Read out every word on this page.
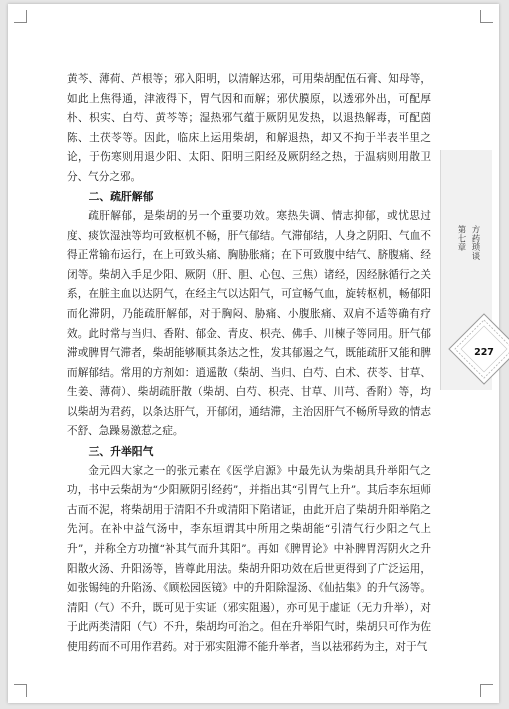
第七章 方药琐谈
227

黄芩、薄荷、芦根等；邪入阳明，以清解达邪，可用柴胡配伍石膏、知母等，如此上焦得通，津液得下，胃气因和而解；邪伏膜原，以透邪外出，可配厚朴、枳实、白芍、黄芩等；湿热邪气蕴于厥阴见发热，以退热解毒，可配茵陈、土茯苓等。因此，临床上运用柴胡，和解退热，却又不拘于半表半里之论，于伤寒则用退少阳、太阳、阳明三阳经及厥阴经之热，于温病则用散卫分、气分之邪。

二、疏肝解郁

疏肝解郁，是柴胡的另一个重要功效。寒热失调、情志抑郁，或忧思过度、痰饮湿浊等均可致枢机不畅，肝气郁结。气滞郁结，人身之阴阳、气血不得正常输布运行，在上可致头痛、胸胁胀痛；在下可致腹中结气、脐腹痛、经闭等。柴胡入手足少阳、厥阴（肝、胆、心包、三焦）诸经，因经脉循行之关系，在脏主血以达阴气，在经主气以达阳气，可宣畅气血，旋转枢机，畅郁阳而化滞阴，乃能疏肝解郁，对于胸闷、胁痛、小腹胀痛、双肩不适等确有疗效。此时常与当归、香附、郁金、青皮、枳壳、佛手、川楝子等同用。肝气郁滞或脾胃气滞者，柴胡能够顺其条达之性，发其郁遏之气，既能疏肝又能和脾而解郁结。常用的方剂如：逍遥散（柴胡、当归、白芍、白术、茯苓、甘草、生姜、薄荷）、柴胡疏肝散（柴胡、白芍、枳壳、甘草、川芎、香附）等，均以柴胡为君药，以条达肝气，开郁闭，通结滞，主治因肝气不畅所导致的情志不舒、急躁易激惹之症。

三、升举阳气

金元四大家之一的张元素在《医学启源》中最先认为柴胡具升举阳气之功，书中云柴胡为“少阳厥阴引经药”，并指出其“引胃气上升”。其后李东垣师古而不泥，将柴胡用于清阳不升或清阳下陷诸证，由此开启了柴胡升阳举陷之先河。在补中益气汤中，李东垣谓其中所用之柴胡能“引清气行少阳之气上升”，并称全方功擅“补其气而升其阳”。再如《脾胃论》中补脾胃泻阴火之升阳散火汤、升阳汤等，皆尊此用法。柴胡升阳功效在后世更得到了广泛运用，如张锡纯的升陷汤、《顾松园医镜》中的升阳除湿汤、《仙拈集》的升气汤等。清阳（气）不升，既可见于实证（邪实阻遏），亦可见于虚证（无力升举），对于此两类清阳（气）不升，柴胡均可治之。但在升举阳气时，柴胡只可作为佐使用药而不可用作君药。对于邪实阻滞不能升举者，当以祛邪药为主，对于气
